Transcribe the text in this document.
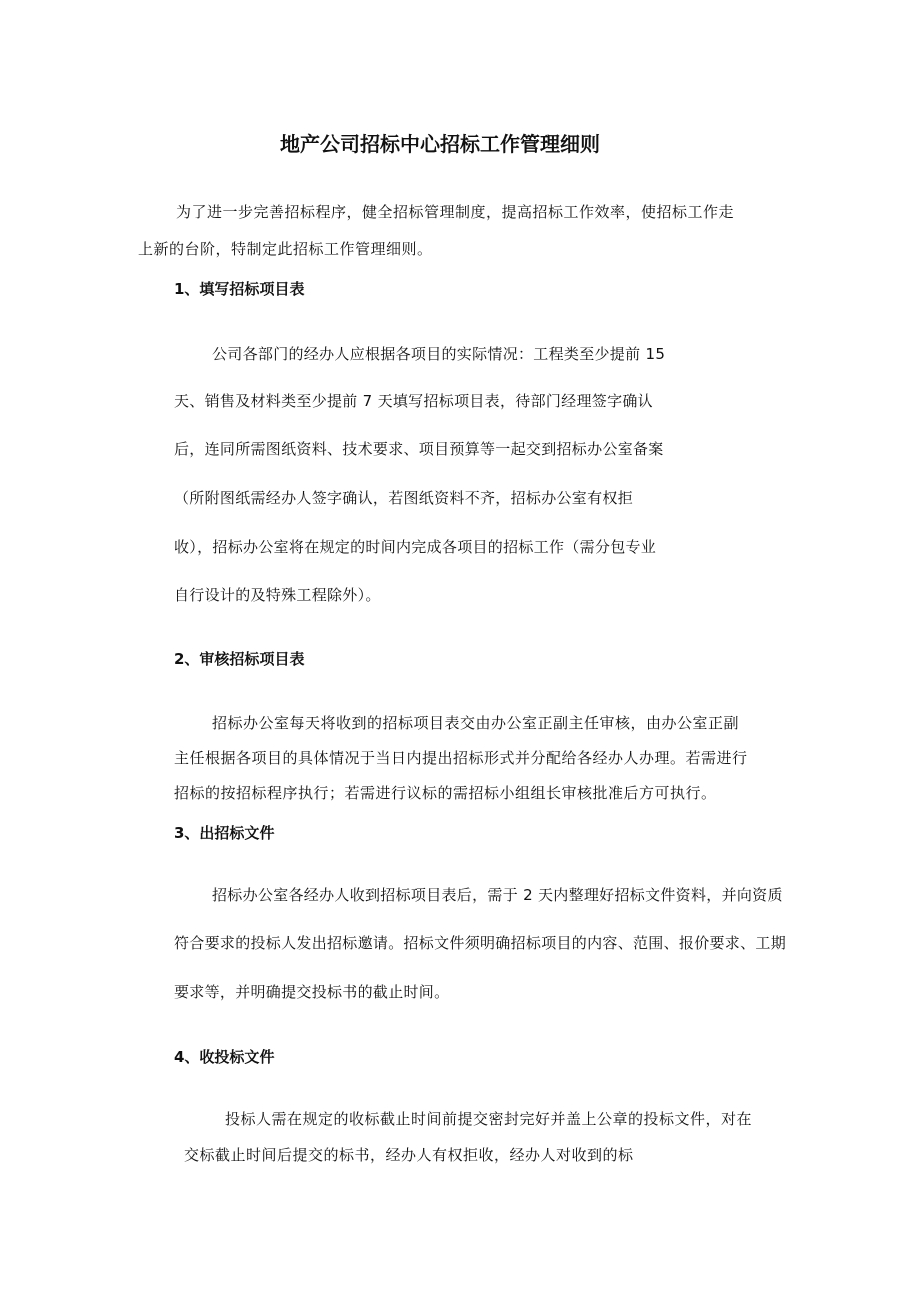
地产公司招标中心招标工作管理细则

为了进一步完善招标程序，健全招标管理制度，提高招标工作效率，使招标工作走

上新的台阶，特制定此招标工作管理细则。

1、填写招标项目表

公司各部门的经办人应根据各项目的实际情况：工程类至少提前 15

天、销售及材料类至少提前 7 天填写招标项目表，待部门经理签字确认

后，连同所需图纸资料、技术要求、项目预算等一起交到招标办公室备案

（所附图纸需经办人签字确认，若图纸资料不齐，招标办公室有权拒

收），招标办公室将在规定的时间内完成各项目的招标工作（需分包专业

自行设计的及特殊工程除外）。

2、审核招标项目表

招标办公室每天将收到的招标项目表交由办公室正副主任审核，由办公室正副

主任根据各项目的具体情况于当日内提出招标形式并分配给各经办人办理。若需进行

招标的按招标程序执行；若需进行议标的需招标小组组长审核批准后方可执行。

3、出招标文件

招标办公室各经办人收到招标项目表后，需于 2 天内整理好招标文件资料，并向资质

符合要求的投标人发出招标邀请。招标文件须明确招标项目的内容、范围、报价要求、工期

要求等，并明确提交投标书的截止时间。

4、收投标文件

投标人需在规定的收标截止时间前提交密封完好并盖上公章的投标文件，对在

交标截止时间后提交的标书，经办人有权拒收，经办人对收到的标
